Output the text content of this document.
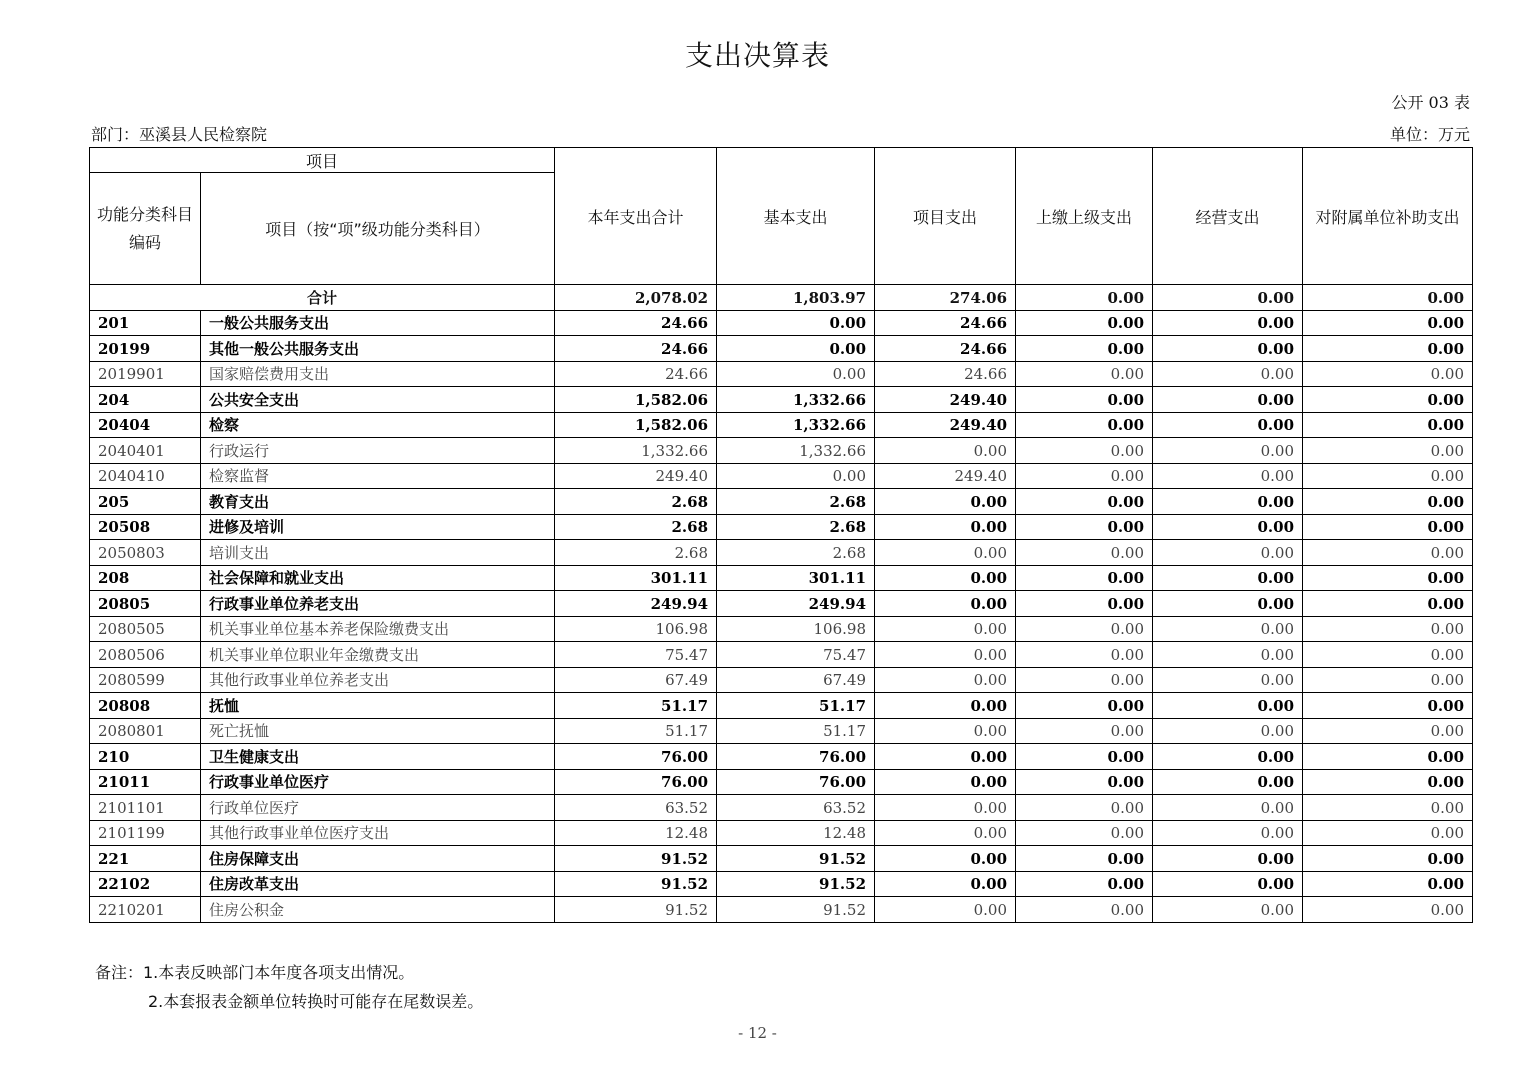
支出决算表
公开 03 表
部门：巫溪县人民检察院	单位：万元
项目		本年支出合计	基本支出	项目支出	上缴上级支出	经营支出	对附属单位补助支出
功能分类科目编码	项目（按“项”级功能分类科目）						
合计		2,078.02	1,803.97	274.06	0.00	0.00	0.00
201	一般公共服务支出	24.66	0.00	24.66	0.00	0.00	0.00
20199	其他一般公共服务支出	24.66	0.00	24.66	0.00	0.00	0.00
2019901	国家赔偿费用支出	24.66	0.00	24.66	0.00	0.00	0.00
204	公共安全支出	1,582.06	1,332.66	249.40	0.00	0.00	0.00
20404	检察	1,582.06	1,332.66	249.40	0.00	0.00	0.00
2040401	行政运行	1,332.66	1,332.66	0.00	0.00	0.00	0.00
2040410	检察监督	249.40	0.00	249.40	0.00	0.00	0.00
205	教育支出	2.68	2.68	0.00	0.00	0.00	0.00
20508	进修及培训	2.68	2.68	0.00	0.00	0.00	0.00
2050803	培训支出	2.68	2.68	0.00	0.00	0.00	0.00
208	社会保障和就业支出	301.11	301.11	0.00	0.00	0.00	0.00
20805	行政事业单位养老支出	249.94	249.94	0.00	0.00	0.00	0.00
2080505	机关事业单位基本养老保险缴费支出	106.98	106.98	0.00	0.00	0.00	0.00
2080506	机关事业单位职业年金缴费支出	75.47	75.47	0.00	0.00	0.00	0.00
2080599	其他行政事业单位养老支出	67.49	67.49	0.00	0.00	0.00	0.00
20808	抚恤	51.17	51.17	0.00	0.00	0.00	0.00
2080801	死亡抚恤	51.17	51.17	0.00	0.00	0.00	0.00
210	卫生健康支出	76.00	76.00	0.00	0.00	0.00	0.00
21011	行政事业单位医疗	76.00	76.00	0.00	0.00	0.00	0.00
2101101	行政单位医疗	63.52	63.52	0.00	0.00	0.00	0.00
2101199	其他行政事业单位医疗支出	12.48	12.48	0.00	0.00	0.00	0.00
221	住房保障支出	91.52	91.52	0.00	0.00	0.00	0.00
22102	住房改革支出	91.52	91.52	0.00	0.00	0.00	0.00
2210201	住房公积金	91.52	91.52	0.00	0.00	0.00	0.00
备注：1.本表反映部门本年度各项支出情况。
2.本套报表金额单位转换时可能存在尾数误差。
- 12 -
